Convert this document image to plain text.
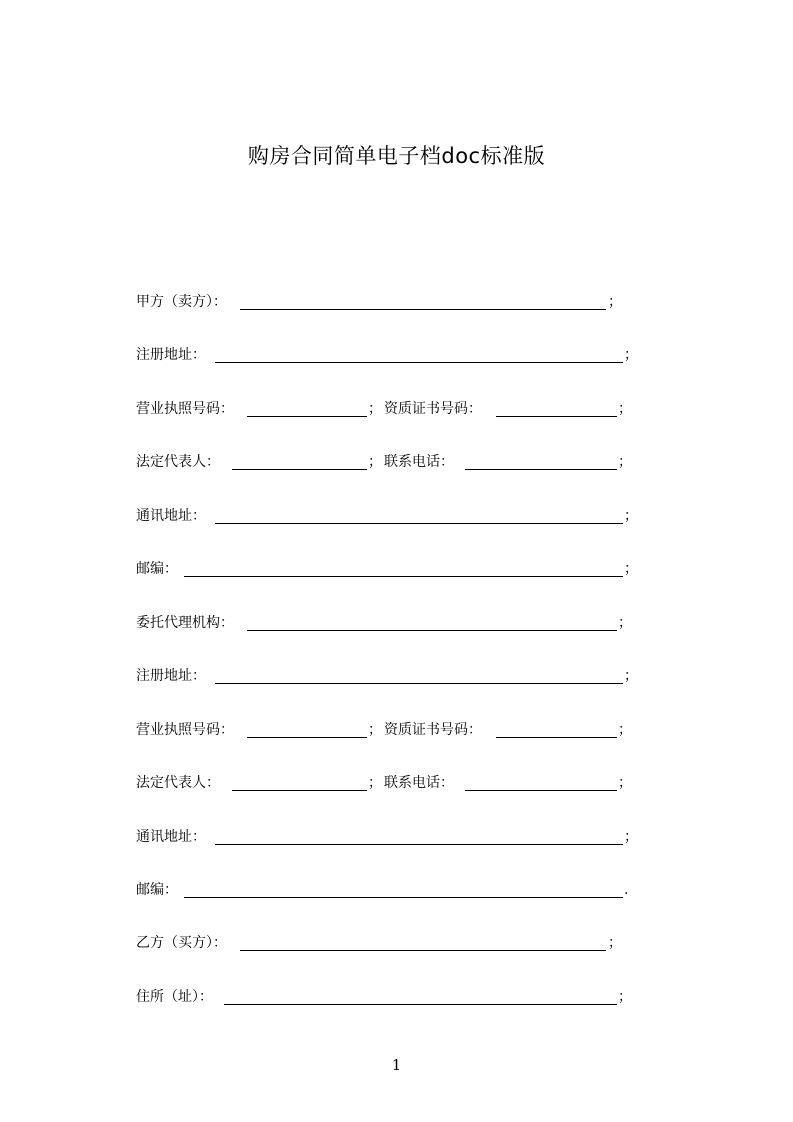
购房合同简单电子档doc标准版
甲方（卖方）：	；
注册地址：	；
营业执照号码：	； 资质证书号码：	；
法定代表人：	； 联系电话：	；
通讯地址：	；
邮编：	；
委托代理机构：	；
注册地址：	；
营业执照号码：	； 资质证书号码：	；
法定代表人：	； 联系电话：	；
通讯地址：	；
邮编：	.
乙方（买方）：	；
住所（址）：	；
1
